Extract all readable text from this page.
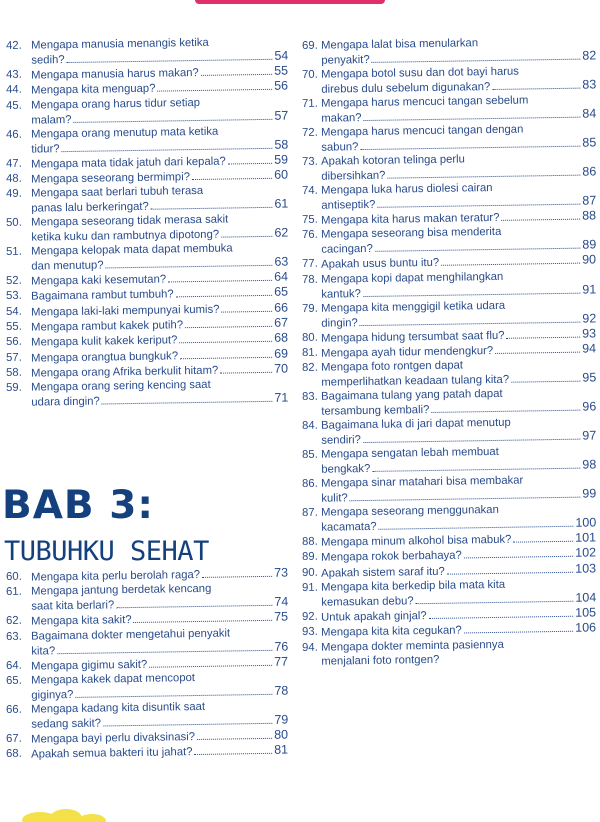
42. Mengapa manusia menangis ketika
sedih?	54
43. Mengapa manusia harus makan?	55
44. Mengapa kita menguap?	56
45. Mengapa orang harus tidur setiap
malam?	57
46. Mengapa orang menutup mata ketika
tidur?	58
47. Mengapa mata tidak jatuh dari kepala?	59
48. Mengapa seseorang bermimpi?	60
49. Mengapa saat berlari tubuh terasa
panas lalu berkeringat?	61
50. Mengapa seseorang tidak merasa sakit
ketika kuku dan rambutnya dipotong?	62
51. Mengapa kelopak mata dapat membuka
dan menutup?	63
52. Mengapa kaki kesemutan?	64
53. Bagaimana rambut tumbuh?	65
54. Mengapa laki-laki mempunyai kumis?	66
55. Mengapa rambut kakek putih?	67
56. Mengapa kulit kakek keriput?	68
57. Mengapa orangtua bungkuk?	69
58. Mengapa orang Afrika berkulit hitam?	70
59. Mengapa orang sering kencing saat
udara dingin?	71
BAB 3:
TUBUHKU SEHAT
60. Mengapa kita perlu berolah raga?	73
61. Mengapa jantung berdetak kencang
saat kita berlari?	74
62. Mengapa kita sakit?	75
63. Bagaimana dokter mengetahui penyakit
kita?	76
64. Mengapa gigimu sakit?	77
65. Mengapa kakek dapat mencopot
giginya?	78
66. Mengapa kadang kita disuntik saat
sedang sakit?	79
67. Mengapa bayi perlu divaksinasi?	80
68. Apakah semua bakteri itu jahat?	81
69. Mengapa lalat bisa menularkan
penyakit?	82
70. Mengapa botol susu dan dot bayi harus
direbus dulu sebelum digunakan?	83
71. Mengapa harus mencuci tangan sebelum
makan?	84
72. Mengapa harus mencuci tangan dengan
sabun?	85
73. Apakah kotoran telinga perlu
dibersihkan?	86
74. Mengapa luka harus diolesi cairan
antiseptik?	87
75. Mengapa kita harus makan teratur?	88
76. Mengapa seseorang bisa menderita
cacingan?	89
77. Apakah usus buntu itu?	90
78. Mengapa kopi dapat menghilangkan
kantuk?	91
79. Mengapa kita menggigil ketika udara
dingin?	92
80. Mengapa hidung tersumbat saat flu?	93
81. Mengapa ayah tidur mendengkur?	94
82. Mengapa foto rontgen dapat
memperlihatkan keadaan tulang kita?	95
83. Bagaimana tulang yang patah dapat
tersambung kembali?	96
84. Bagaimana luka di jari dapat menutup
sendiri?	97
85. Mengapa sengatan lebah membuat
bengkak?	98
86. Mengapa sinar matahari bisa membakar
kulit?	99
87. Mengapa seseorang menggunakan
kacamata?	100
88. Mengapa minum alkohol bisa mabuk?	101
89. Mengapa rokok berbahaya?	102
90. Apakah sistem saraf itu?	103
91. Mengapa kita berkedip bila mata kita
kemasukan debu?	104
92. Untuk apakah ginjal?	105
93. Mengapa kita kita cegukan?	106
94. Mengapa dokter meminta pasiennya
menjalani foto rontgen?
